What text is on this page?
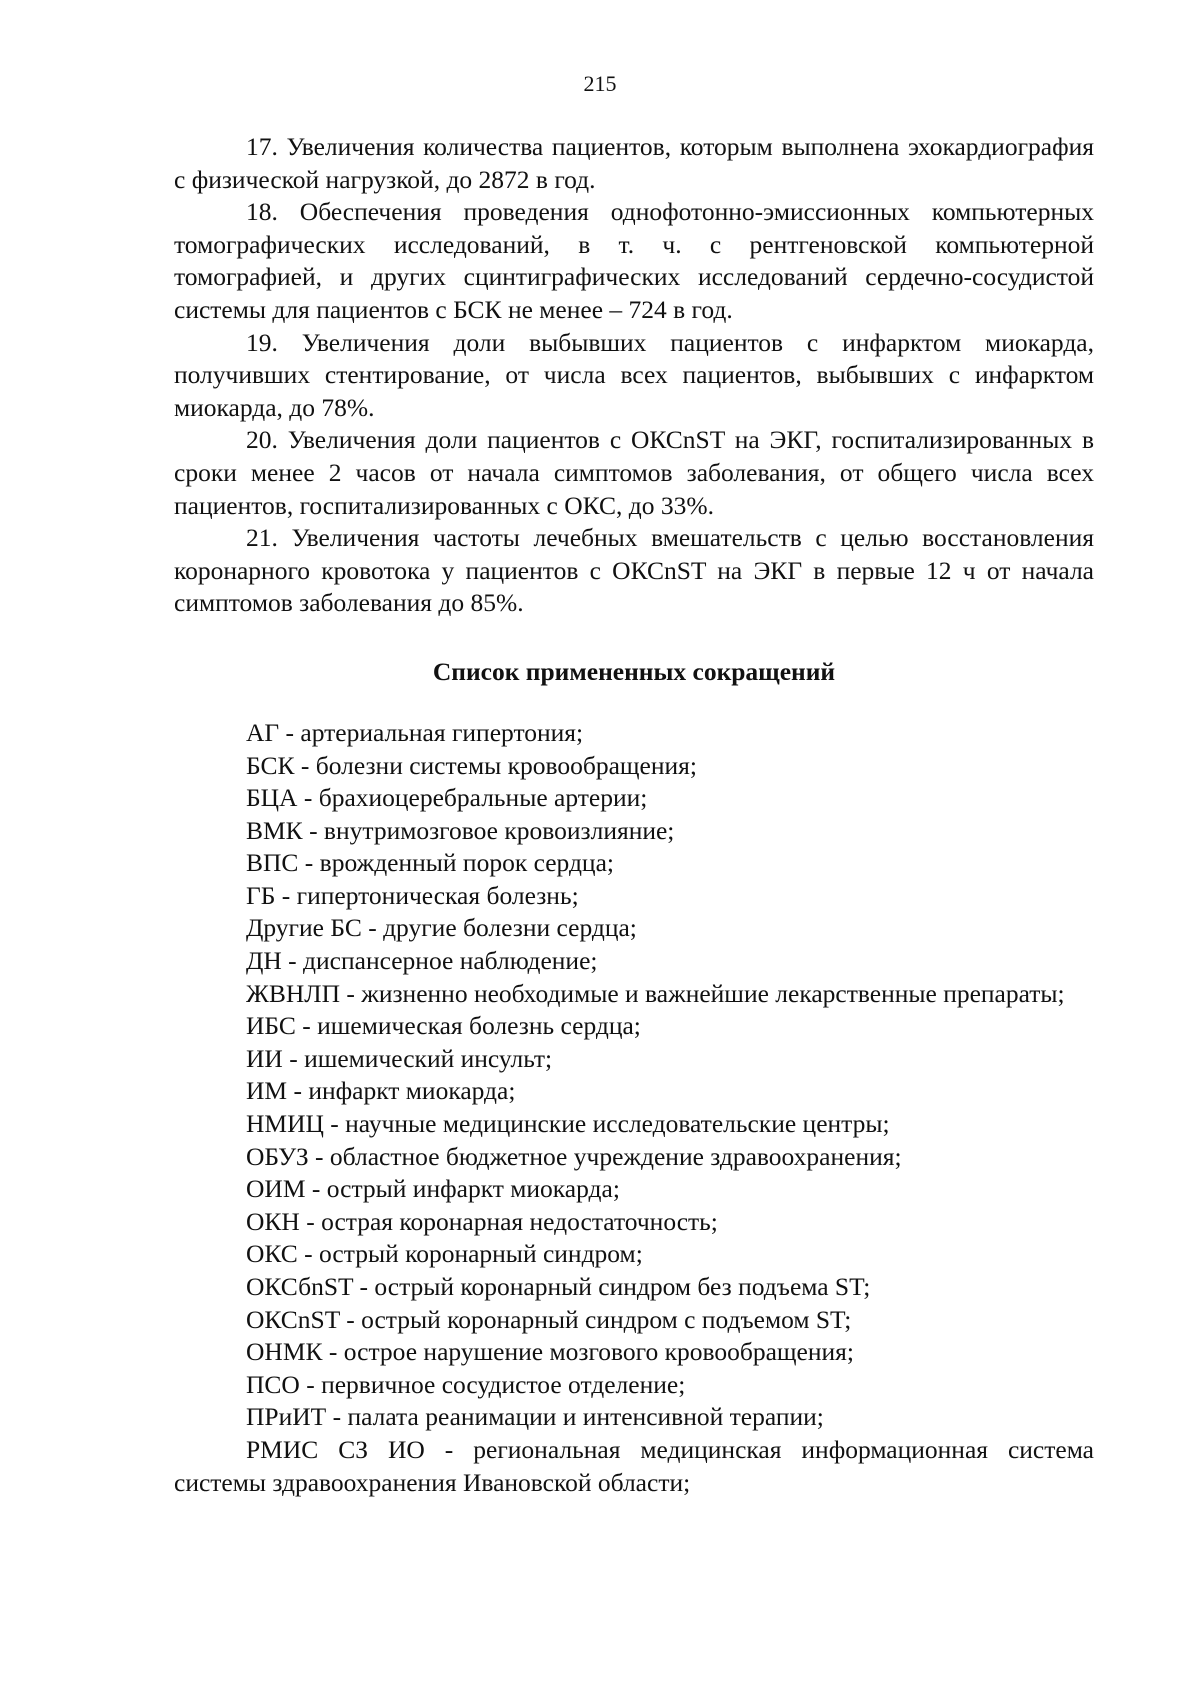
215

17. Увеличения количества пациентов, которым выполнена эхокардиография с физической нагрузкой, до 2872 в год.

18. Обеспечения проведения однофотонно-эмиссионных компьютерных томографических исследований, в т. ч. с рентгеновской компьютерной томографией, и других сцинтиграфических исследований сердечно-сосудистой системы для пациентов с БСК не менее – 724 в год.

19. Увеличения доли выбывших пациентов с инфарктом миокарда, получивших стентирование, от числа всех пациентов, выбывших с инфарктом миокарда, до 78%.

20. Увеличения доли пациентов с ОКСnST на ЭКГ, госпитализированных в сроки менее 2 часов от начала симптомов заболевания, от общего числа всех пациентов, госпитализированных с ОКС, до 33%.

21. Увеличения частоты лечебных вмешательств с целью восстановления коронарного кровотока у пациентов с ОКСnST на ЭКГ в первые 12 ч от начала симптомов заболевания до 85%.

Список примененных сокращений

АГ - артериальная гипертония;

БСК - болезни системы кровообращения;

БЦА - брахиоцеребральные артерии;

ВМК - внутримозговое кровоизлияние;

ВПС - врожденный порок сердца;

ГБ - гипертоническая болезнь;

Другие БС - другие болезни сердца;

ДН - диспансерное наблюдение;

ЖВНЛП - жизненно необходимые и важнейшие лекарственные препараты;

ИБС - ишемическая болезнь сердца;

ИИ - ишемический инсульт;

ИМ - инфаркт миокарда;

НМИЦ - научные медицинские исследовательские центры;

ОБУЗ - областное бюджетное учреждение здравоохранения;

ОИМ - острый инфаркт миокарда;

ОКН - острая коронарная недостаточность;

ОКС - острый коронарный синдром;

ОКСбnST - острый коронарный синдром без подъема ST;

ОКСnST - острый коронарный синдром с подъемом ST;

ОНМК - острое нарушение мозгового кровообращения;

ПСО - первичное сосудистое отделение;

ПРиИТ - палата реанимации и интенсивной терапии;

РМИС СЗ ИО - региональная медицинская информационная система системы здравоохранения Ивановской области;
